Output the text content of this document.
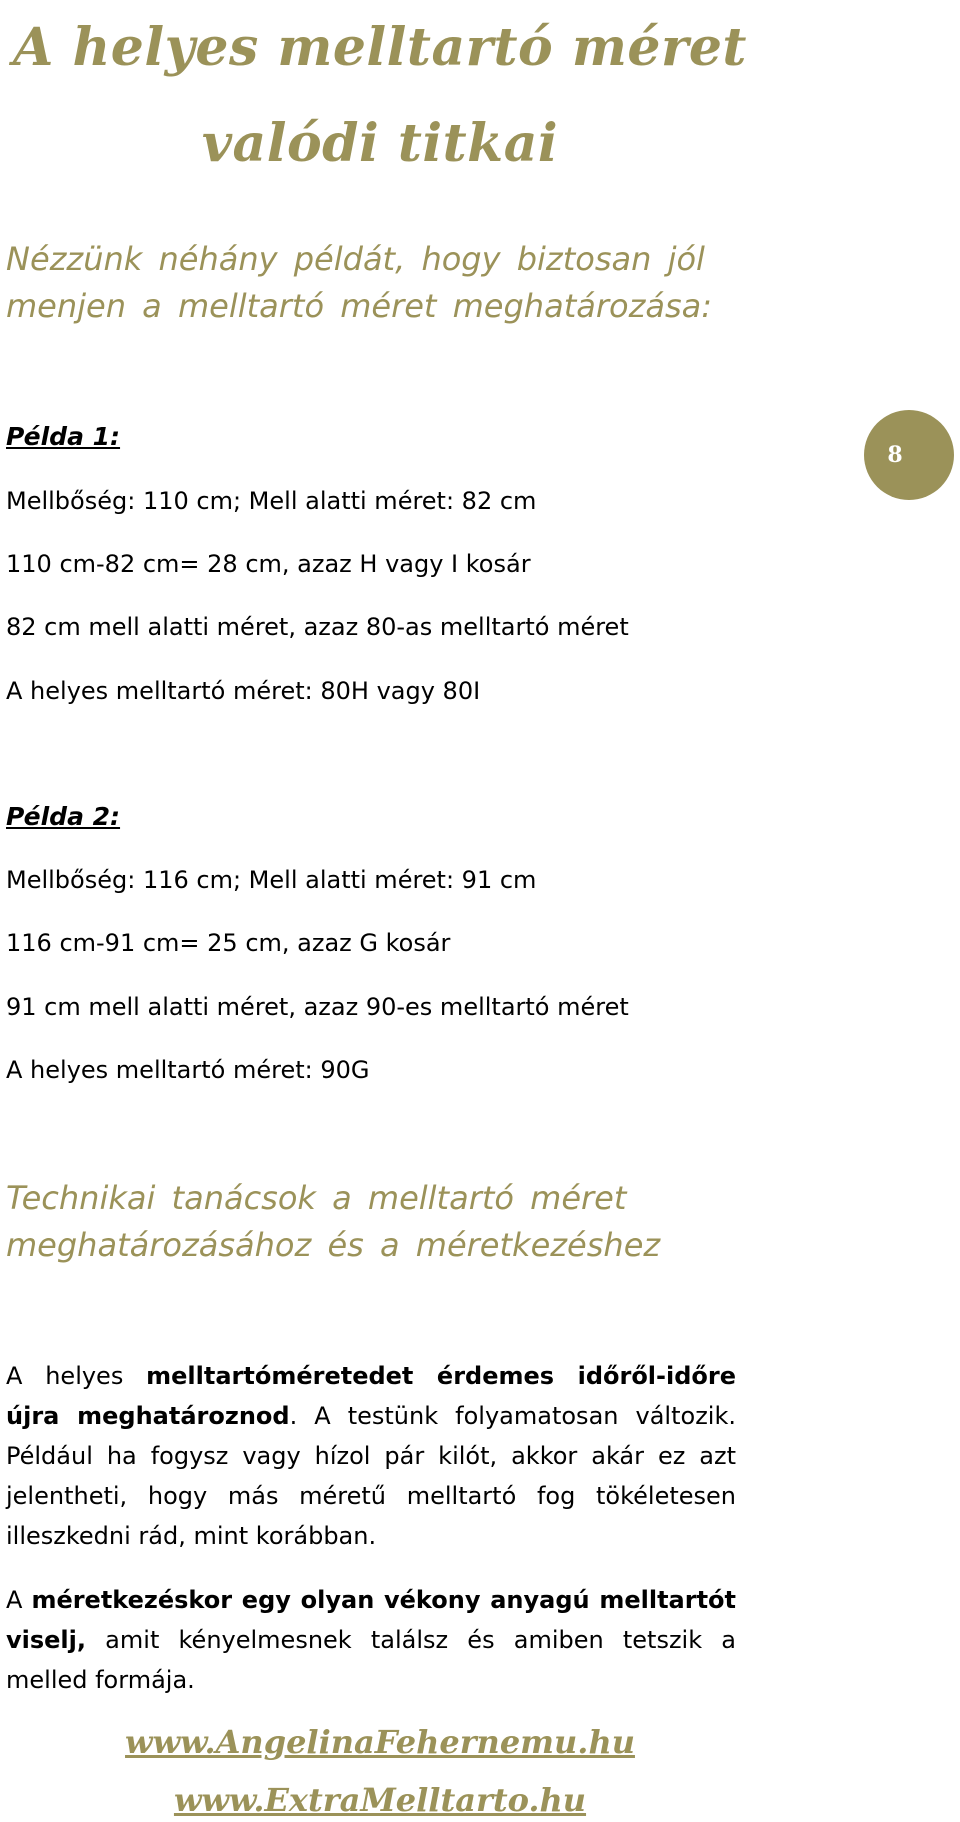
A helyes melltartó méret
valódi titkai
Nézzünk néhány példát, hogy biztosan jól
menjen a melltartó méret meghatározása:
8
Példa 1:

Mellbőség: 110 cm; Mell alatti méret: 82 cm

110 cm-82 cm= 28 cm, azaz H vagy I kosár

82 cm mell alatti méret, azaz 80-as melltartó méret

A helyes melltartó méret: 80H vagy 80I

Példa 2:

Mellbőség: 116 cm; Mell alatti méret: 91 cm

116 cm-91 cm= 25 cm, azaz G kosár

91 cm mell alatti méret, azaz 90-es melltartó méret

A helyes melltartó méret: 90G

Technikai tanácsok a melltartó méret
meghatározásához és a méretkezéshez

A helyes melltartóméretedet érdemes időről-időre újra meghatároznod. A testünk folyamatosan változik. Például ha fogysz vagy hízol pár kilót, akkor akár ez azt jelentheti, hogy más méretű melltartó fog tökéletesen illeszkedni rád, mint korábban.

A méretkezéskor egy olyan vékony anyagú melltartót viselj, amit kényelmesnek találsz és amiben tetszik a melled formája.

www.AngelinaFehernemu.hu
www.ExtraMelltarto.hu
